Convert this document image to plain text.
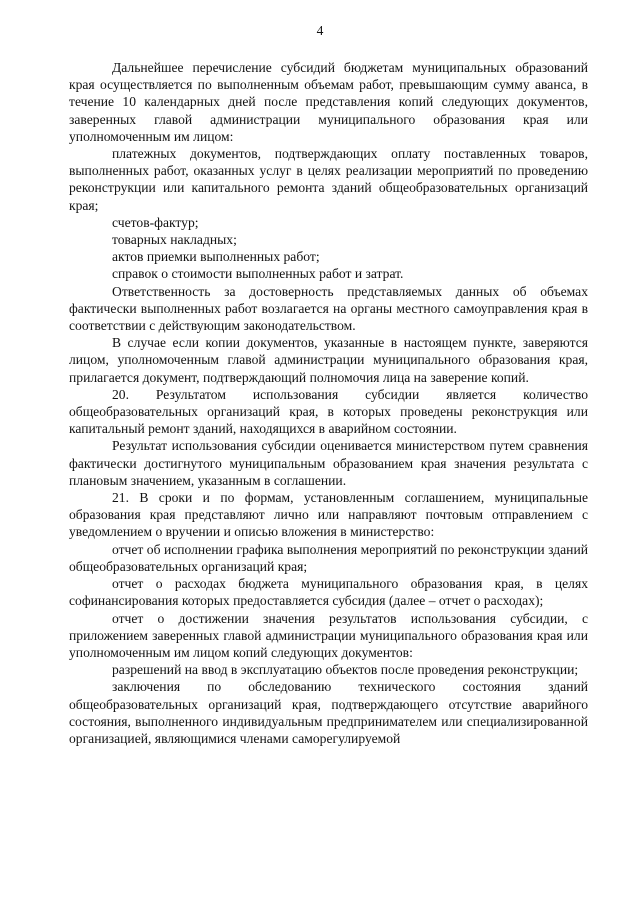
4

Дальнейшее перечисление субсидий бюджетам муниципальных образований края осуществляется по выполненным объемам работ, превышающим сумму аванса, в течение 10 календарных дней после представления копий следующих документов, заверенных главой администрации муниципального образования края или уполномоченным им лицом:

платежных документов, подтверждающих оплату поставленных товаров, выполненных работ, оказанных услуг в целях реализации мероприятий по проведению реконструкции или капитального ремонта зданий общеобразовательных организаций края;

счетов-фактур;

товарных накладных;

актов приемки выполненных работ;

справок о стоимости выполненных работ и затрат.

Ответственность за достоверность представляемых данных об объемах фактически выполненных работ возлагается на органы местного самоуправления края в соответствии с действующим законодательством.

В случае если копии документов, указанные в настоящем пункте, заверяются лицом, уполномоченным главой администрации муниципального образования края, прилагается документ, подтверждающий полномочия лица на заверение копий.

20. Результатом использования субсидии является количество общеобразовательных организаций края, в которых проведены реконструкция или капитальный ремонт зданий, находящихся в аварийном состоянии.

Результат использования субсидии оценивается министерством путем сравнения фактически достигнутого муниципальным образованием края значения результата с плановым значением, указанным в соглашении.

21. В сроки и по формам, установленным соглашением, муниципальные образования края представляют лично или направляют почтовым отправлением с уведомлением о вручении и описью вложения в министерство:

отчет об исполнении графика выполнения мероприятий по реконструкции зданий общеобразовательных организаций края;

отчет о расходах бюджета муниципального образования края, в целях софинансирования которых предоставляется субсидия (далее – отчет о расходах);

отчет о достижении значения результатов использования субсидии, с приложением заверенных главой администрации муниципального образования края или уполномоченным им лицом копий следующих документов:

разрешений на ввод в эксплуатацию объектов после проведения реконструкции;

заключения по обследованию технического состояния зданий общеобразовательных организаций края, подтверждающего отсутствие аварийного состояния, выполненного индивидуальным предпринимателем или специализированной организацией, являющимися членами саморегулируемой
